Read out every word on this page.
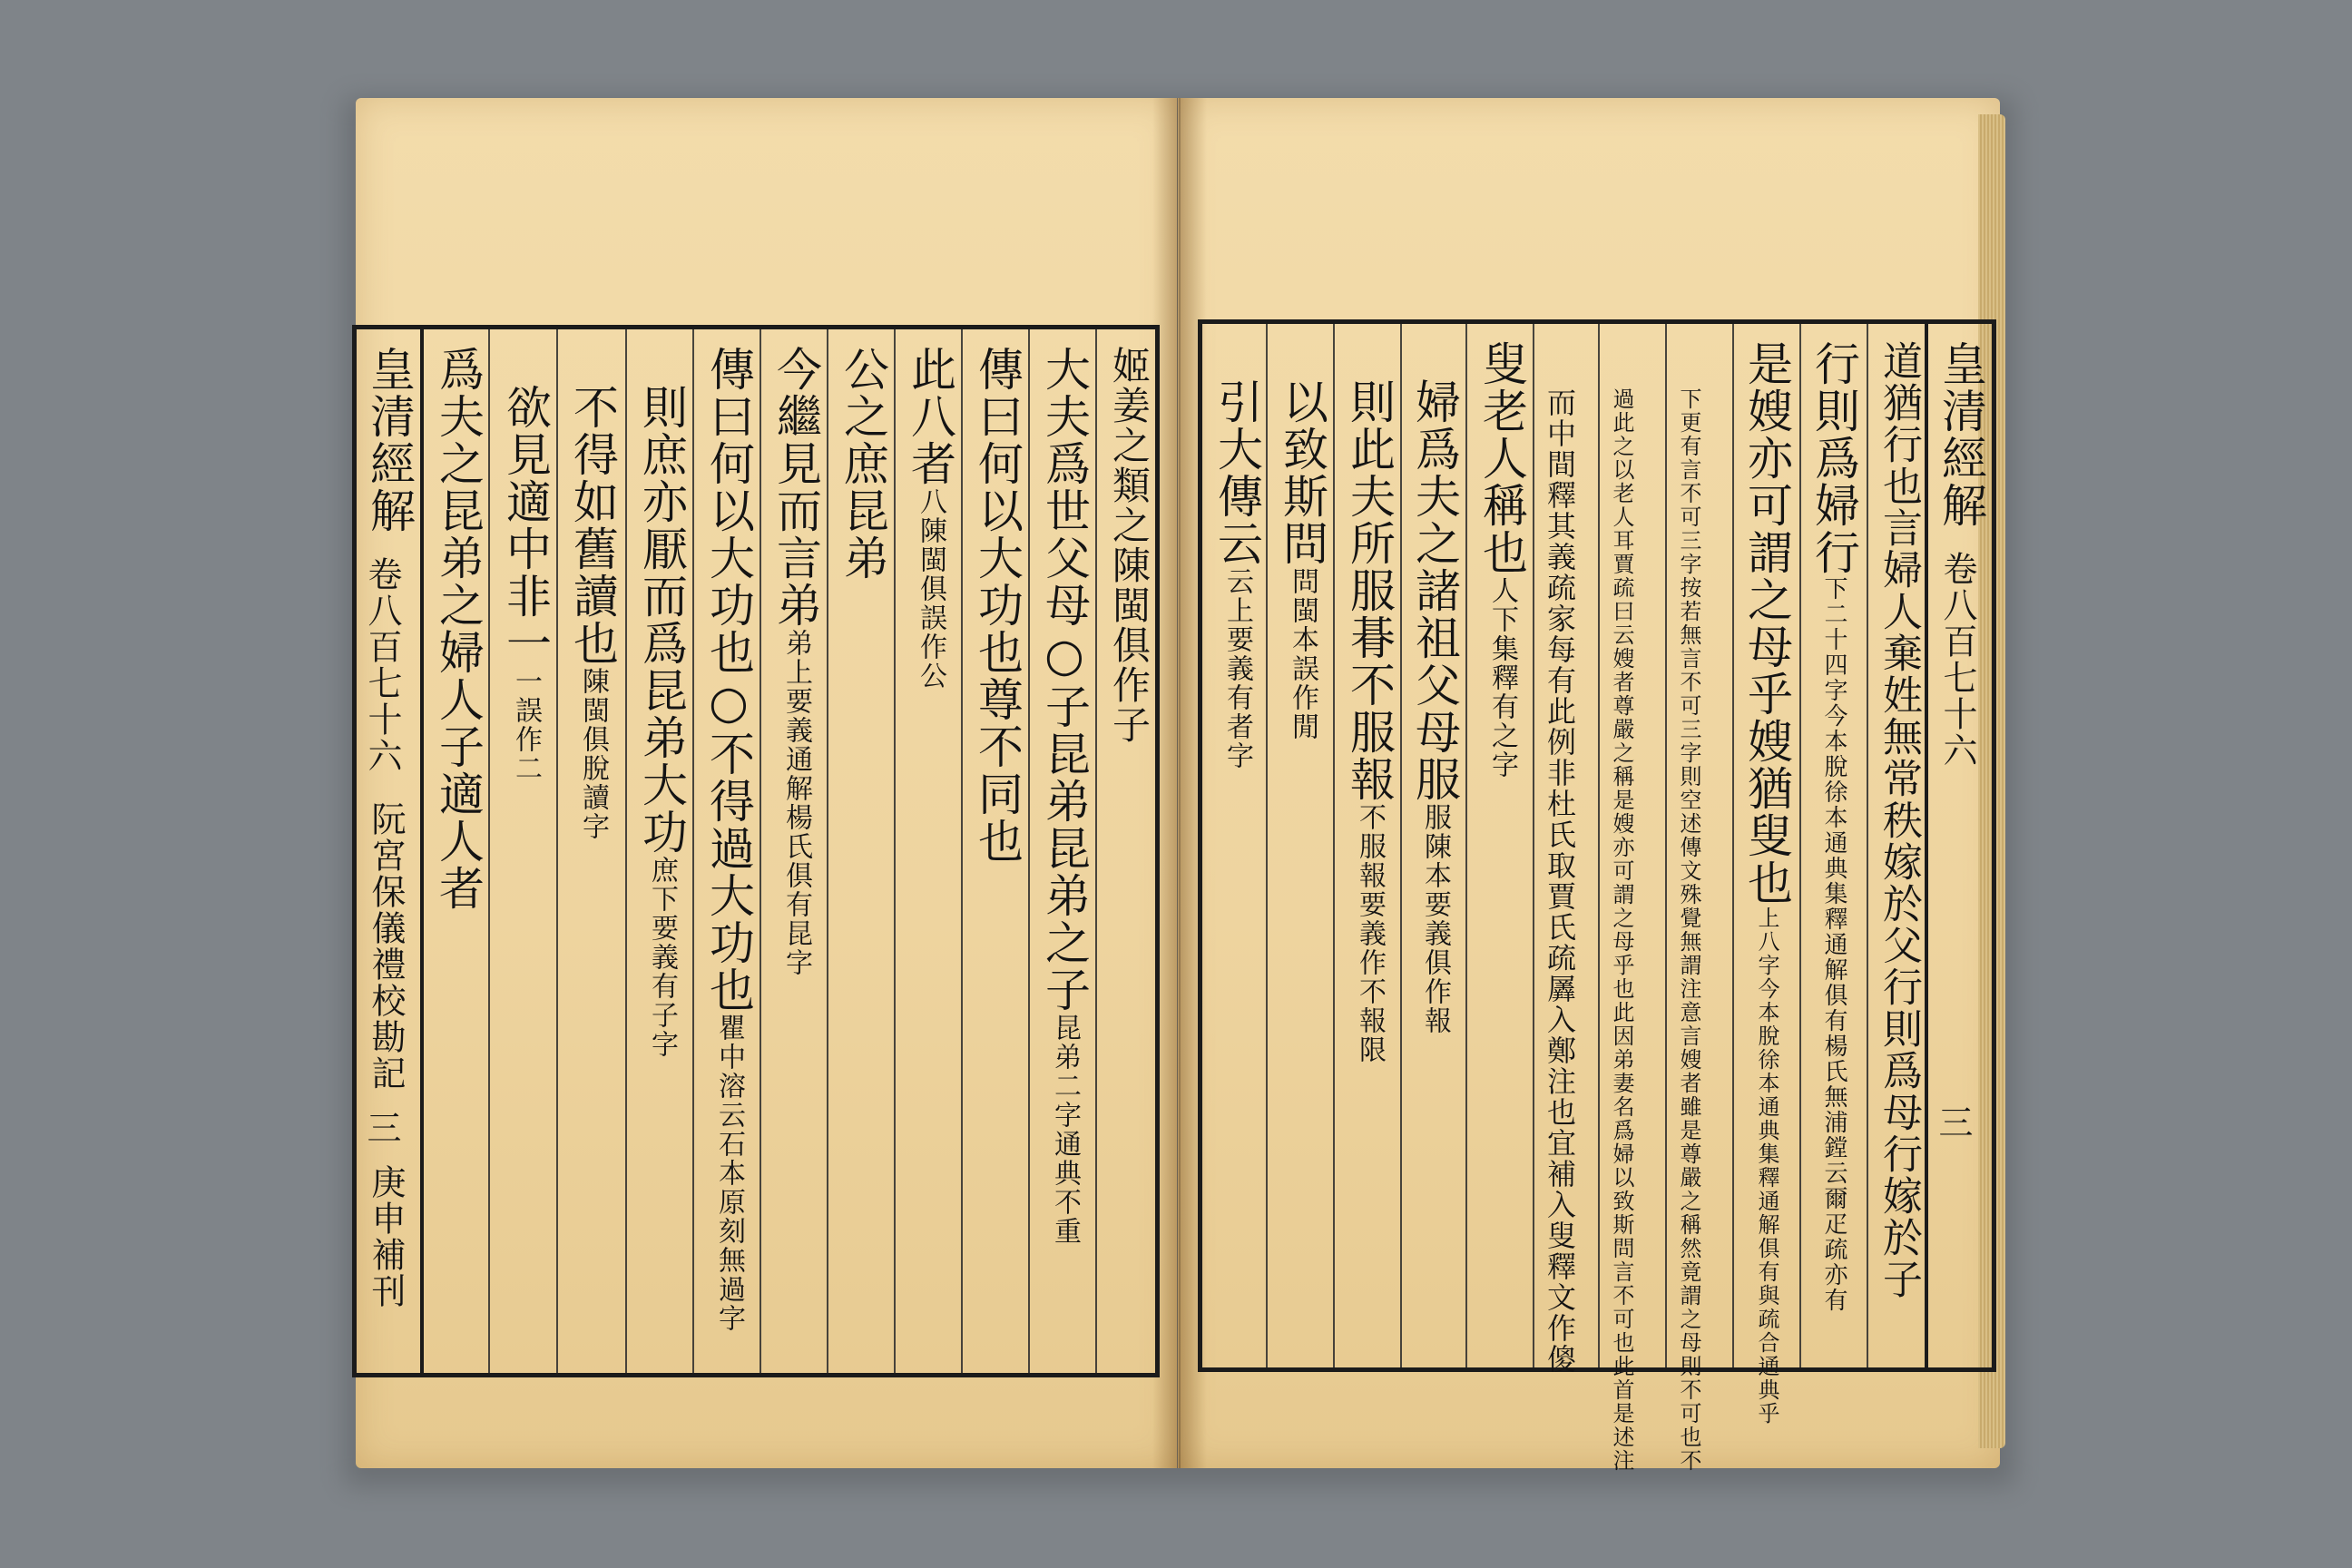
皇清經解
卷八百七十六
阮宮保儀禮校勘記
三
庚申補刊
姬姜之類之陳閩俱作子
大夫爲世父母○子昆弟昆弟之子昆弟二字通典不重
傳曰何以大功也尊不同也
此八者八陳閩俱誤作公
公之庶昆弟
今繼見而言弟弟上要義通解楊氏俱有昆字
傳曰何以大功也○不得過大功也瞿中溶云石本原刻無過字
則庶亦厭而爲昆弟大功庶下要義有子字
不得如舊讀也陳閩俱脫讀字
欲見適中非一一誤作二
爲夫之昆弟之婦人子適人者	皇清經解
卷八百七十六
三
道猶行也言婦人棄姓無常秩嫁於父行則爲母行嫁於子
行則爲婦行下二十四字今本脫徐本通典集釋通解俱有楊氏無浦鏜云爾疋疏亦有
是嫂亦可謂之母乎嫂猶叟也上八字今本脫徐本通典集釋通解俱有與疏合通典乎
下更有言不可三字按若無言不可三字則空述傳文殊覺無謂注意言嫂者雖是尊嚴之稱然竟謂之母則不可也不
過此之以老人耳賈疏曰云嫂者尊嚴之稱是嫂亦可謂之母乎也此因弟妻名爲婦以致斯問言不可也此首是述注
而中間釋其義疏家每有此例非杜氏取賈氏疏羼入鄭注也宜補入叟釋文作傻
叟老人稱也人下集釋有之字
婦爲夫之諸祖父母服服陳本要義俱作報
則此夫所服朞不服報不服報要義作不報限
以致斯問問閩本誤作閒
引大傳云云上要義有者字
